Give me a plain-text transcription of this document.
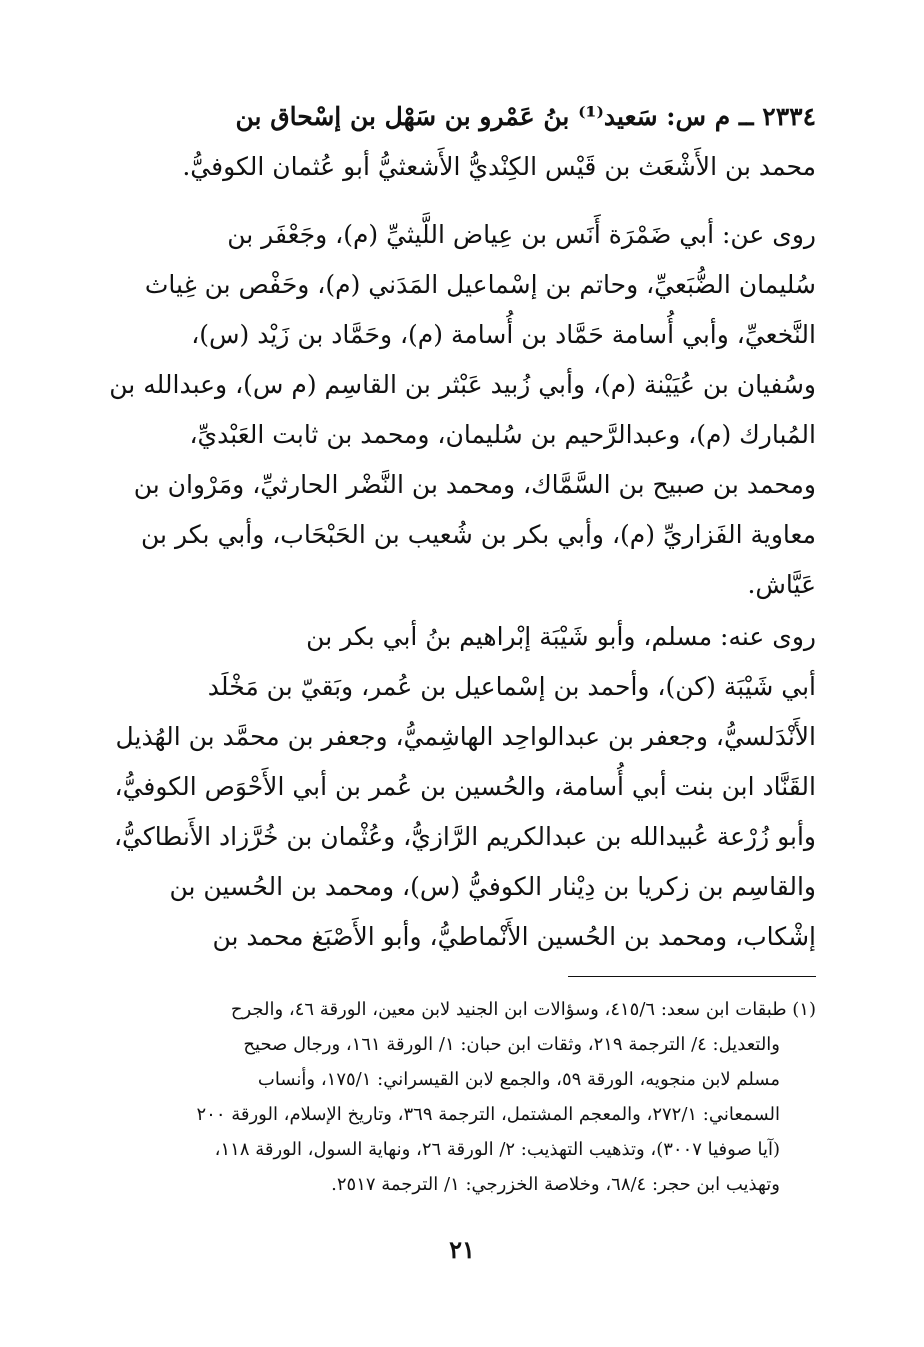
٢٣٣٤ ــ م س: سَعيد⁽¹⁾ بنُ عَمْرو بن سَهْل بن إسْحاق بن
محمد بن الأَشْعَث بن قَيْس الكِنْديُّ الأَشعثيُّ أبو عُثمان الكوفيُّ.
روى عن: أبي ضَمْرَة أَنَس بن عِياض اللَّيثيِّ (م)، وجَعْفَر بن
سُليمان الضُّبَعيِّ، وحاتم بن إسْماعيل المَدَني (م)، وحَفْص بن غِياث
النَّخعيِّ، وأبي أُسامة حَمَّاد بن أُسامة (م)، وحَمَّاد بن زَيْد (س)،
وسُفيان بن عُيَيْنة (م)، وأبي زُبيد عَبْثر بن القاسِم (م س)، وعبدالله بن
المُبارك (م)، وعبدالرَّحيم بن سُليمان، ومحمد بن ثابت العَبْديِّ،
ومحمد بن صبيح بن السَّمَّاك، ومحمد بن النَّضْر الحارثيِّ، ومَرْوان بن
معاوية الفَزاريِّ (م)، وأبي بكر بن شُعيب بن الحَبْحَاب، وأبي بكر بن
عَيَّاش.
روى عنه: مسلم، وأبو شَيْبَة إبْراهيم بنُ أبي بكر بن
أبي شَيْبَة (كن)، وأحمد بن إسْماعيل بن عُمر، وبَقيّ بن مَخْلَد
الأَنْدَلسيُّ، وجعفر بن عبدالواحِد الهاشِميُّ، وجعفر بن محمَّد بن الهُذيل
القَنَّاد ابن بنت أبي أُسامة، والحُسين بن عُمر بن أبي الأَحْوَص الكوفيُّ،
وأبو زُرْعة عُبيدالله بن عبدالكريم الرَّازيُّ، وعُثْمان بن خُرَّزاد الأَنطاكيُّ،
والقاسِم بن زكريا بن دِيْنار الكوفيُّ (س)، ومحمد بن الحُسين بن
إشْكاب، ومحمد بن الحُسين الأَنْماطيُّ، وأبو الأَصْبَغ محمد بن
(١) طبقات ابن سعد: ٤١٥/٦، وسؤالات ابن الجنيد لابن معين، الورقة ٤٦، والجرح
والتعديل: ٤/ الترجمة ٢١٩، وثقات ابن حبان: ١/ الورقة ١٦١، ورجال صحيح
مسلم لابن منجويه، الورقة ٥٩، والجمع لابن القيسراني: ١٧٥/١، وأنساب
السمعاني: ٢٧٢/١، والمعجم المشتمل، الترجمة ٣٦٩، وتاريخ الإسلام، الورقة ٢٠٠
(آيا صوفيا ٣٠٠٧)، وتذهيب التهذيب: ٢/ الورقة ٢٦، ونهاية السول، الورقة ١١٨،
وتهذيب ابن حجر: ٦٨/٤، وخلاصة الخزرجي: ١/ الترجمة ٢٥١٧.
٢١
